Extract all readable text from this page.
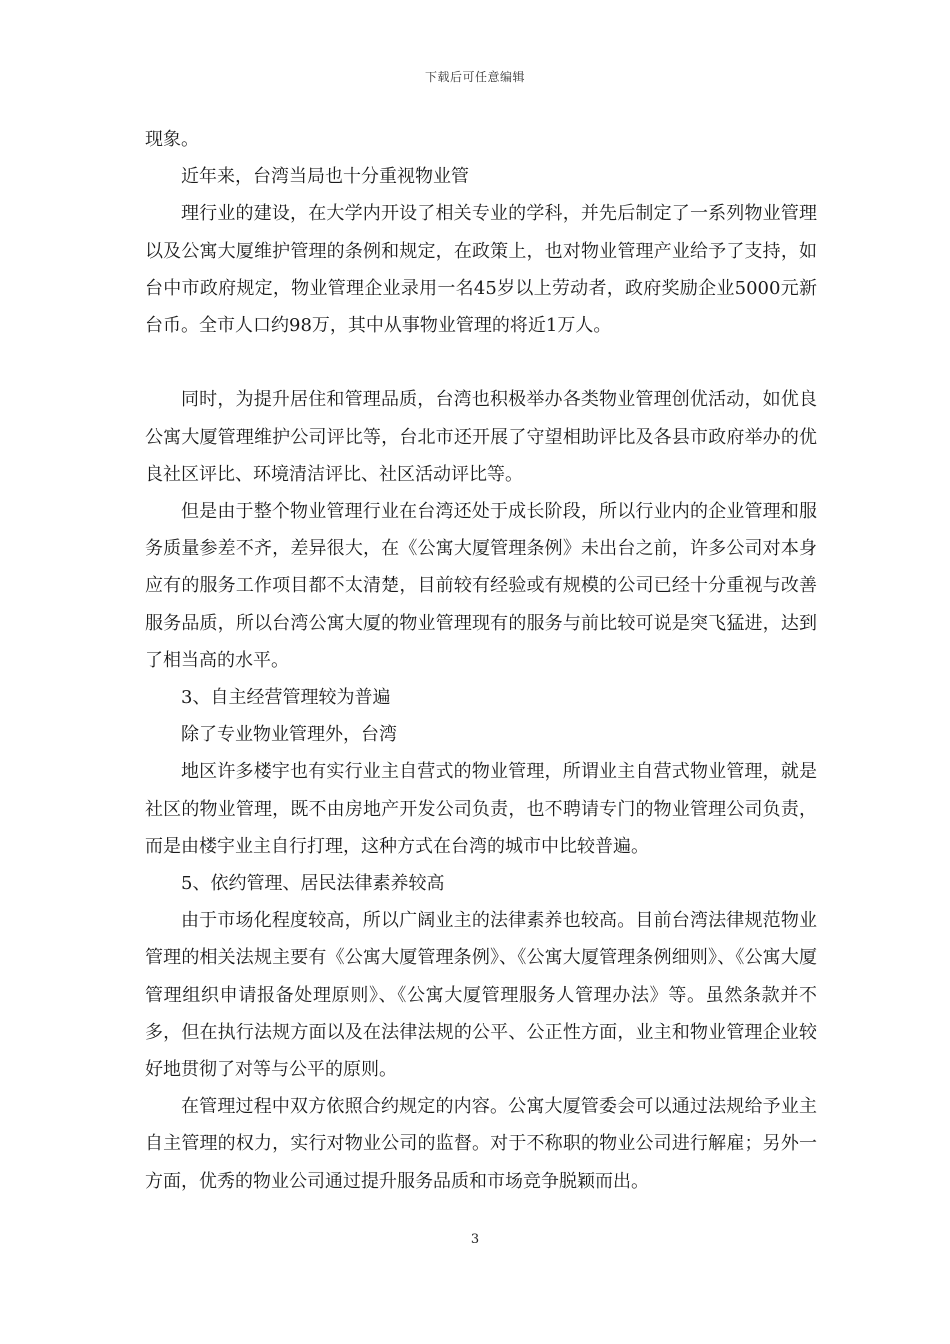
下载后可任意编辑

现象。

近年来，台湾当局也十分重视物业管

理行业的建设，在大学内开设了相关专业的学科，并先后制定了一系列物业管理以及公寓大厦维护管理的条例和规定，在政策上，也对物业管理产业给予了支持，如台中市政府规定，物业管理企业录用一名45岁以上劳动者，政府奖励企业5000元新台币。全市人口约98万，其中从事物业管理的将近1万人。

同时，为提升居住和管理品质，台湾也积极举办各类物业管理创优活动，如优良公寓大厦管理维护公司评比等，台北市还开展了守望相助评比及各县市政府举办的优良社区评比、环境清洁评比、社区活动评比等。

但是由于整个物业管理行业在台湾还处于成长阶段，所以行业内的企业管理和服务质量参差不齐，差异很大，在《公寓大厦管理条例》未出台之前，许多公司对本身应有的服务工作项目都不太清楚，目前较有经验或有规模的公司已经十分重视与改善服务品质，所以台湾公寓大厦的物业管理现有的服务与前比较可说是突飞猛进，达到了相当高的水平。

3、自主经营管理较为普遍

除了专业物业管理外，台湾

地区许多楼宇也有实行业主自营式的物业管理，所谓业主自营式物业管理，就是社区的物业管理，既不由房地产开发公司负责，也不聘请专门的物业管理公司负责，而是由楼宇业主自行打理，这种方式在台湾的城市中比较普遍。

5、依约管理、居民法律素养较高

由于市场化程度较高，所以广阔业主的法律素养也较高。目前台湾法律规范物业管理的相关法规主要有《公寓大厦管理条例》、《公寓大厦管理条例细则》、《公寓大厦管理组织申请报备处理原则》、《公寓大厦管理服务人管理办法》等。虽然条款并不多，但在执行法规方面以及在法律法规的公平、公正性方面，业主和物业管理企业较好地贯彻了对等与公平的原则。

在管理过程中双方依照合约规定的内容。公寓大厦管委会可以通过法规给予业主自主管理的权力，实行对物业公司的监督。对于不称职的物业公司进行解雇；另外一方面，优秀的物业公司通过提升服务品质和市场竞争脱颖而出。

3
